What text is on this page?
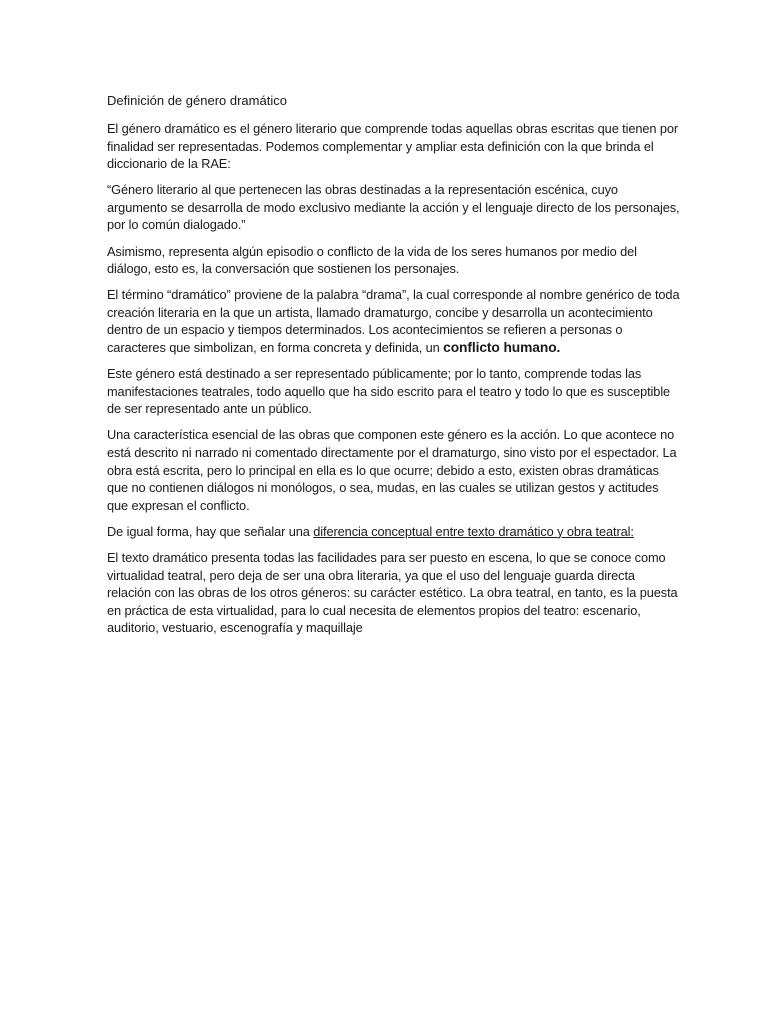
Definición de género dramático

El género dramático es el género literario que comprende todas aquellas obras escritas que tienen por finalidad ser representadas. Podemos complementar y ampliar esta definición con la que brinda el diccionario de la RAE:

“Género literario al que pertenecen las obras destinadas a la representación escénica, cuyo argumento se desarrolla de modo exclusivo mediante la acción y el lenguaje directo de los personajes, por lo común dialogado.”

Asimismo, representa algún episodio o conflicto de la vida de los seres humanos por medio del diálogo, esto es, la conversación que sostienen los personajes.

El término “dramático” proviene de la palabra “drama”, la cual corresponde al nombre genérico de toda creación literaria en la que un artista, llamado dramaturgo, concibe y desarrolla un acontecimiento dentro de un espacio y tiempos determinados. Los acontecimientos se refieren a personas o caracteres que simbolizan, en forma concreta y definida, un conflicto humano.

Este género está destinado a ser representado públicamente; por lo tanto, comprende todas las manifestaciones teatrales, todo aquello que ha sido escrito para el teatro y todo lo que es susceptible de ser representado ante un público.

Una característica esencial de las obras que componen este género es la acción. Lo que acontece no está descrito ni narrado ni comentado directamente por el dramaturgo, sino visto por el espectador. La obra está escrita, pero lo principal en ella es lo que ocurre; debido a esto, existen obras dramáticas que no contienen diálogos ni monólogos, o sea, mudas, en las cuales se utilizan gestos y actitudes que expresan el conflicto.

De igual forma, hay que señalar una diferencia conceptual entre texto dramático y obra teatral:

El texto dramático presenta todas las facilidades para ser puesto en escena, lo que se conoce como virtualidad teatral, pero deja de ser una obra literaria, ya que el uso del lenguaje guarda directa relación con las obras de los otros géneros: su carácter estético. La obra teatral, en tanto, es la puesta en práctica de esta virtualidad, para lo cual necesita de elementos propios del teatro: escenario, auditorio, vestuario, escenografía y maquillaje
